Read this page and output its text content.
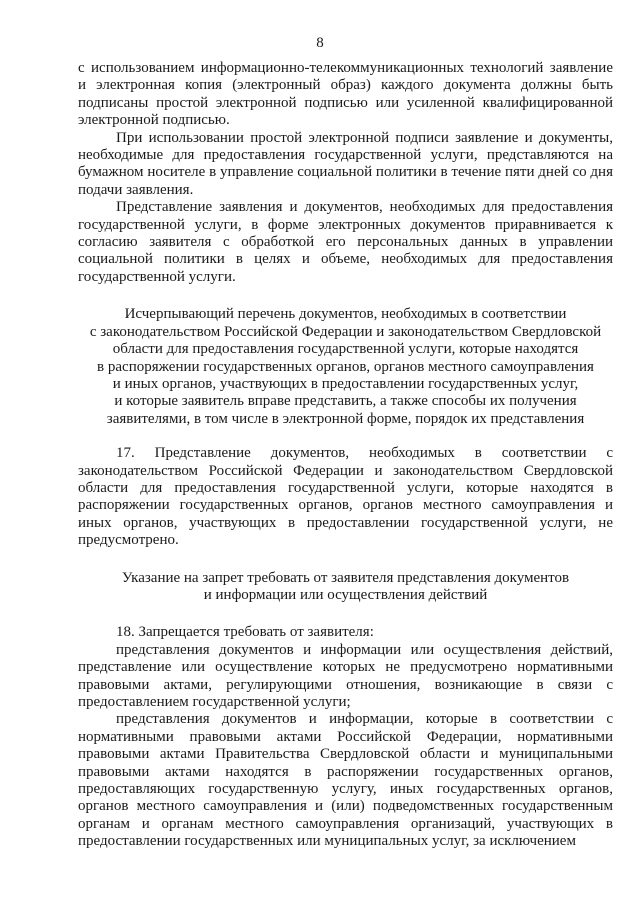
8

с использованием информационно-телекоммуникационных технологий заявление и электронная копия (электронный образ) каждого документа должны быть подписаны простой электронной подписью или усиленной квалифицированной электронной подписью.

При использовании простой электронной подписи заявление и документы, необходимые для предоставления государственной услуги, представляются на бумажном носителе в управление социальной политики в течение пяти дней со дня подачи заявления.

Представление заявления и документов, необходимых для предоставления государственной услуги, в форме электронных документов приравнивается к согласию заявителя с обработкой его персональных данных в управлении социальной политики в целях и объеме, необходимых для предоставления государственной услуги.

Исчерпывающий перечень документов, необходимых в соответствии

с законодательством Российской Федерации и законодательством Свердловской

области для предоставления государственной услуги, которые находятся

в распоряжении государственных органов, органов местного самоуправления

и иных органов, участвующих в предоставлении государственных услуг,

и которые заявитель вправе представить, а также способы их получения

заявителями, в том числе в электронной форме, порядок их представления

17. Представление документов, необходимых в соответствии с законодательством Российской Федерации и законодательством Свердловской области для предоставления государственной услуги, которые находятся в распоряжении государственных органов, органов местного самоуправления и иных органов, участвующих в предоставлении государственной услуги, не предусмотрено.

Указание на запрет требовать от заявителя представления документов

и информации или осуществления действий

18. Запрещается требовать от заявителя:

представления документов и информации или осуществления действий, представление или осуществление которых не предусмотрено нормативными правовыми актами, регулирующими отношения, возникающие в связи с предоставлением государственной услуги;

представления документов и информации, которые в соответствии с нормативными правовыми актами Российской Федерации, нормативными правовыми актами Правительства Свердловской области и муниципальными правовыми актами находятся в распоряжении государственных органов, предоставляющих государственную услугу, иных государственных органов, органов местного самоуправления и (или) подведомственных государственным органам и органам местного самоуправления организаций, участвующих в предоставлении государственных или муниципальных услуг, за исключением
